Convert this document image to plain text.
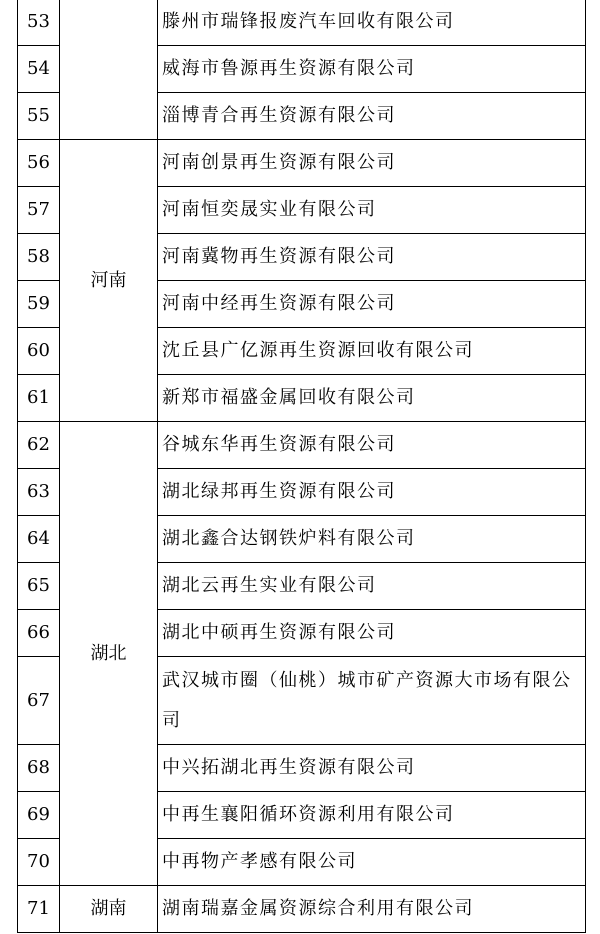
53		滕州市瑞锋报废汽车回收有限公司
54		威海市鲁源再生资源有限公司
55		淄博青合再生资源有限公司
56	河南	河南创景再生资源有限公司
57		河南恒奕晟实业有限公司
58		河南冀物再生资源有限公司
59		河南中经再生资源有限公司
60		沈丘县广亿源再生资源回收有限公司
61		新郑市福盛金属回收有限公司
62	湖北	谷城东华再生资源有限公司
63		湖北绿邦再生资源有限公司
64		湖北鑫合达钢铁炉料有限公司
65		湖北云再生实业有限公司
66		湖北中硕再生资源有限公司
67		武汉城市圈（仙桃）城市矿产资源大市场有限公司
68		中兴拓湖北再生资源有限公司
69		中再生襄阳循环资源利用有限公司
70		中再物产孝感有限公司
71	湖南	湖南瑞嘉金属资源综合利用有限公司
